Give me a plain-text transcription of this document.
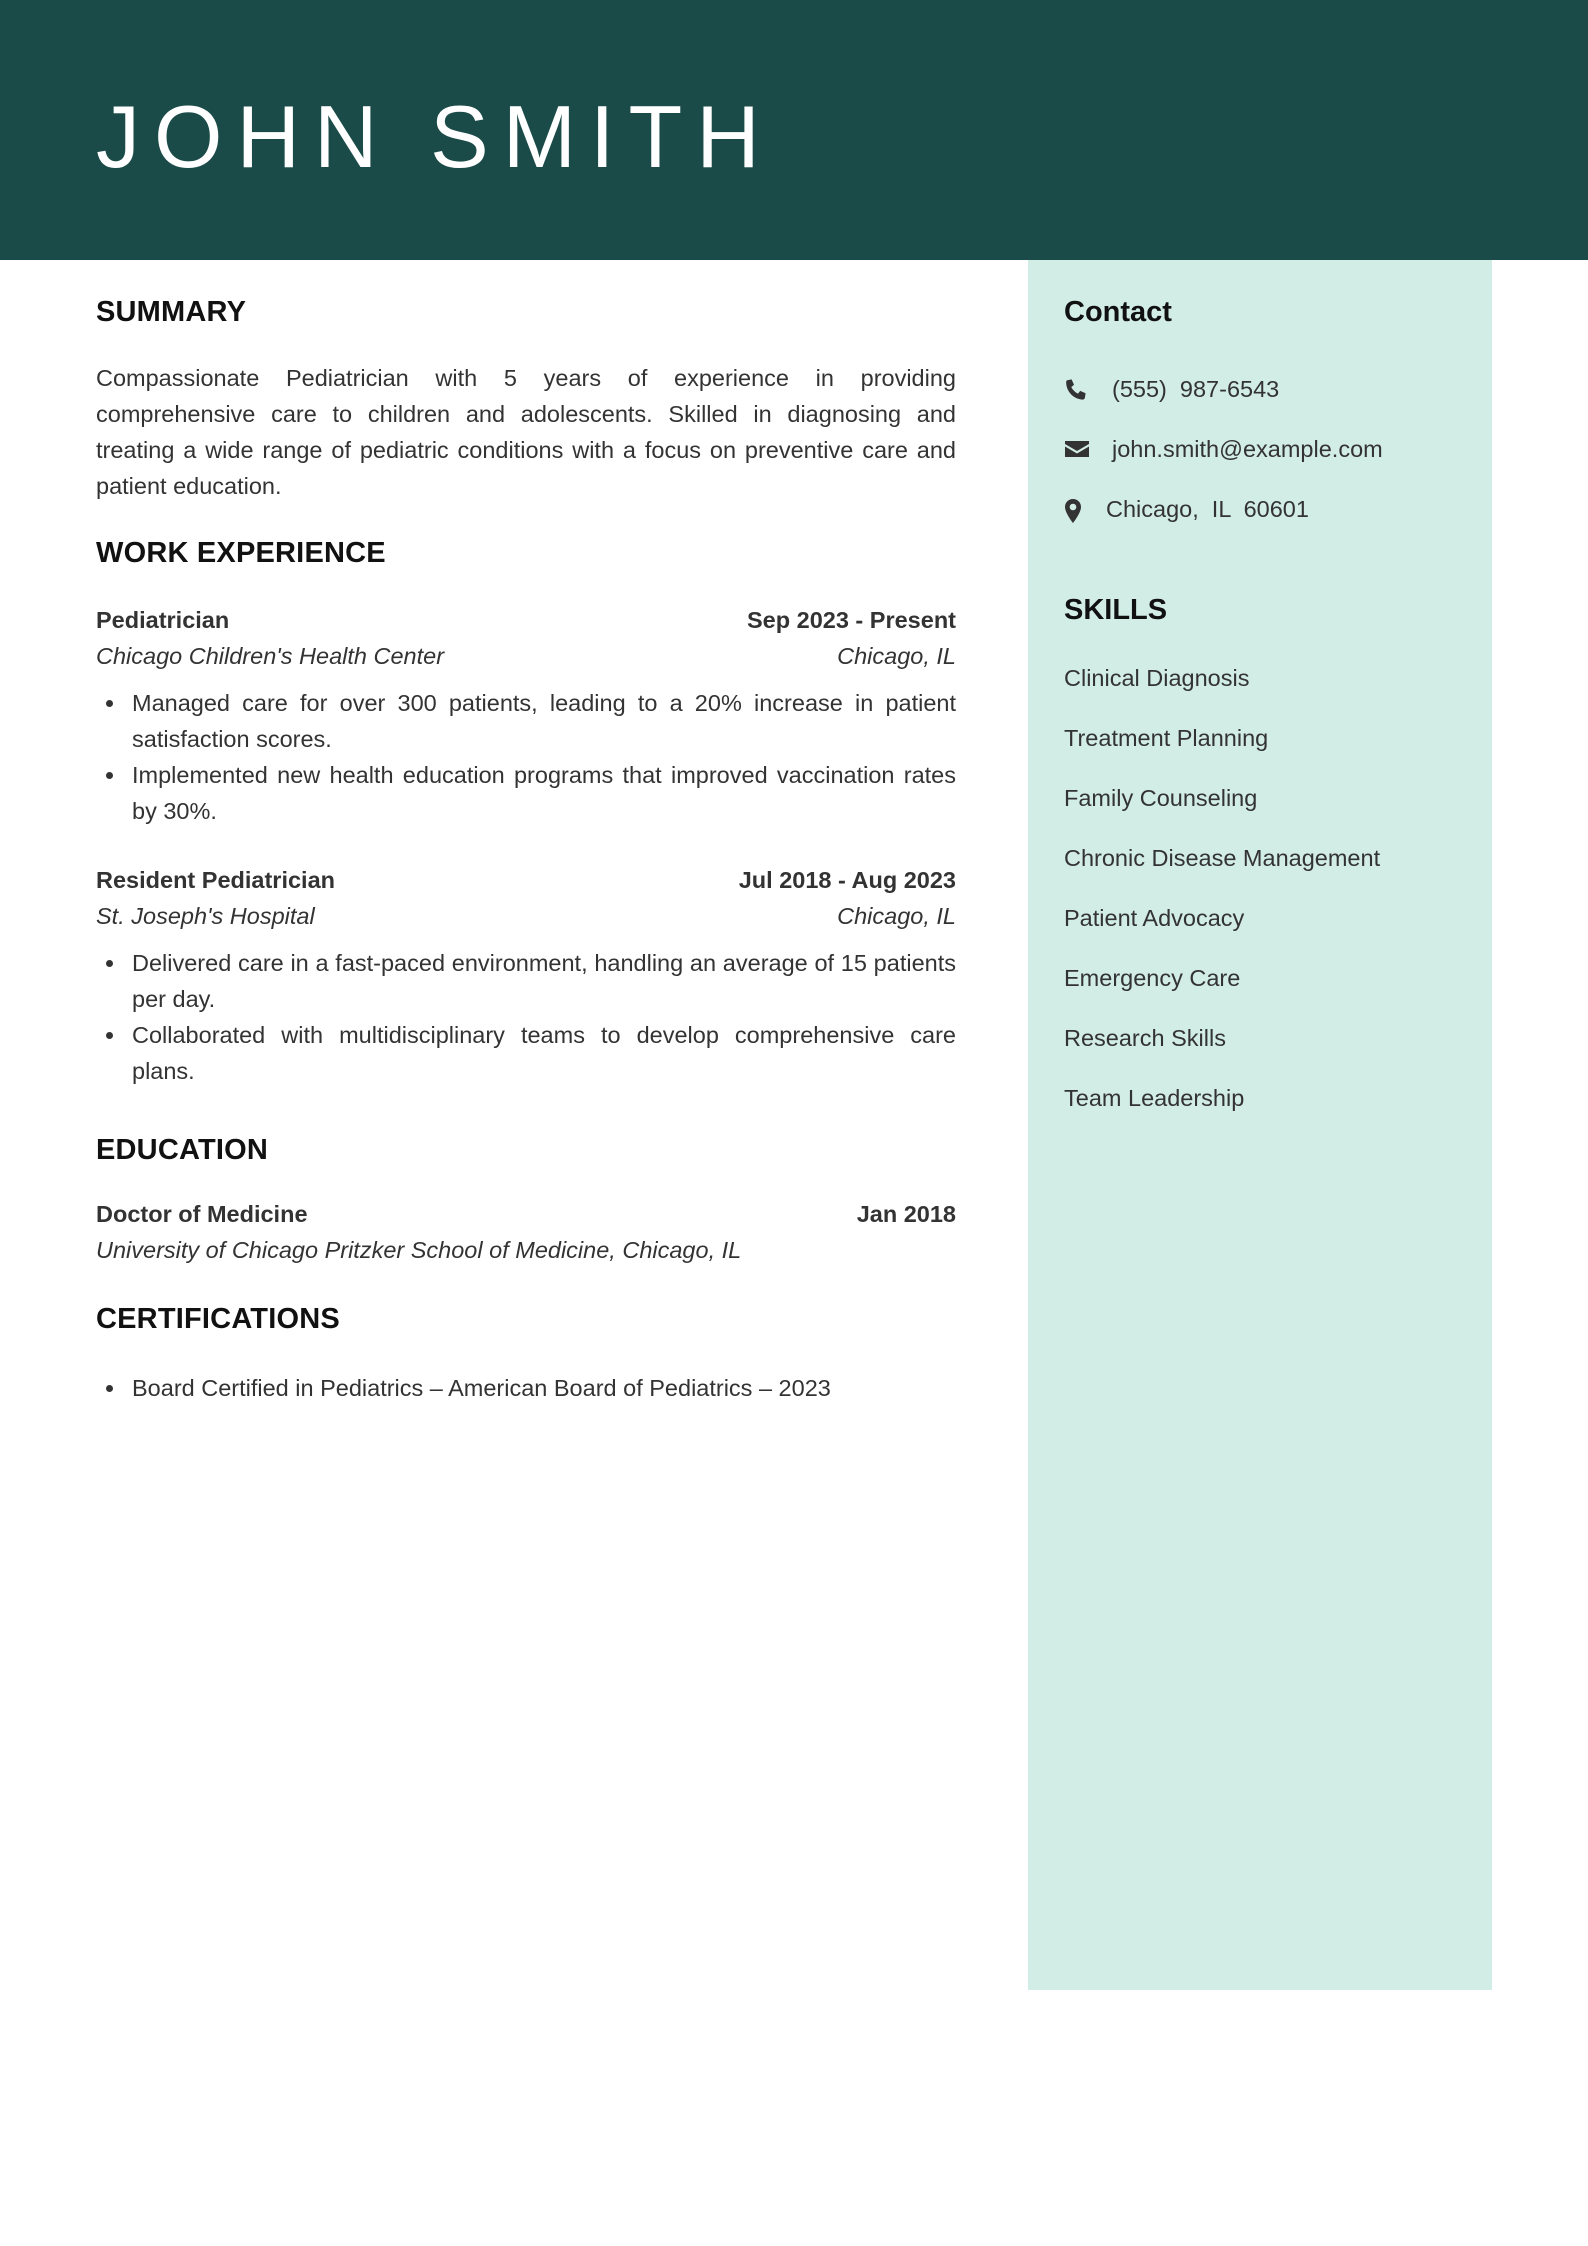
JOHN SMITH
SUMMARY

Compassionate Pediatrician with 5 years of experience in providing comprehensive care to children and adolescents. Skilled in diagnosing and treating a wide range of pediatric conditions with a focus on preventive care and patient education.

WORK EXPERIENCE
Pediatrician	Sep 2023 - Present
Chicago Children's Health Center	Chicago, IL
Managed care for over 300 patients, leading to a 20% increase in patient satisfaction scores.
Implemented new health education programs that improved vaccination rates by 30%.
Resident Pediatrician	Jul 2018 - Aug 2023
St. Joseph's Hospital	Chicago, IL
Delivered care in a fast-paced environment, handling an average of 15 patients per day.
Collaborated with multidisciplinary teams to develop comprehensive care plans.
EDUCATION
Doctor of Medicine	Jan 2018
University of Chicago Pritzker School of Medicine, Chicago, IL
CERTIFICATIONS
Board Certified in Pediatrics – American Board of Pediatrics – 2023
Contact

(555)  987-6543

john.smith@example.com

Chicago,  IL  60601
SKILLS
Clinical Diagnosis
Treatment Planning
Family Counseling
Chronic Disease Management
Patient Advocacy
Emergency Care
Research Skills
Team Leadership
